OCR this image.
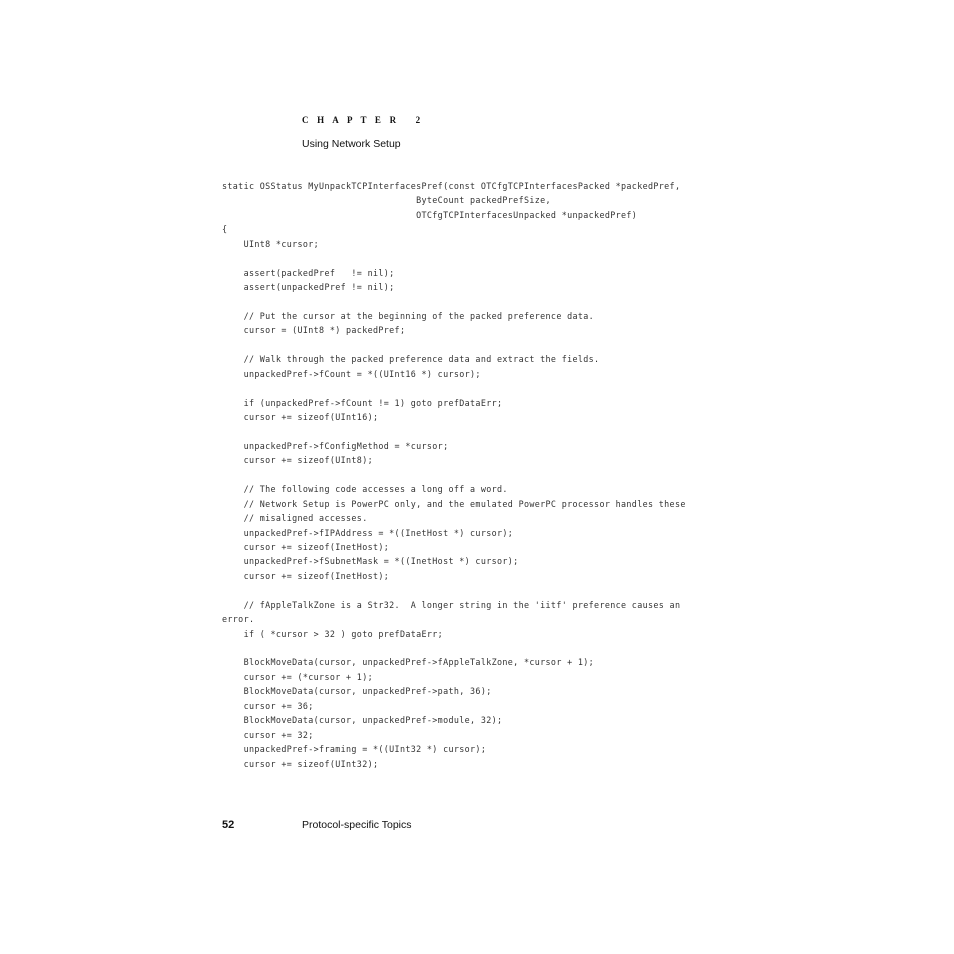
C H A P T E R   2
Using Network Setup
static OSStatus MyUnpackTCPInterfacesPref(const OTCfgTCPInterfacesPacked *packedPref,
ByteCount packedPrefSize,
OTCfgTCPInterfacesUnpacked *unpackedPref)
{
UInt8 *cursor;
assert(packedPref   != nil);
assert(unpackedPref != nil);
// Put the cursor at the beginning of the packed preference data.
cursor = (UInt8 *) packedPref;
// Walk through the packed preference data and extract the fields.
unpackedPref->fCount = *((UInt16 *) cursor);
if (unpackedPref->fCount != 1) goto prefDataErr;
cursor += sizeof(UInt16);
unpackedPref->fConfigMethod = *cursor;
cursor += sizeof(UInt8);
// The following code accesses a long off a word.
// Network Setup is PowerPC only, and the emulated PowerPC processor handles these
// misaligned accesses.
unpackedPref->fIPAddress = *((InetHost *) cursor);
cursor += sizeof(InetHost);
unpackedPref->fSubnetMask = *((InetHost *) cursor);
cursor += sizeof(InetHost);
// fAppleTalkZone is a Str32.  A longer string in the 'iitf' preference causes an
error.
if ( *cursor > 32 ) goto prefDataErr;
BlockMoveData(cursor, unpackedPref->fAppleTalkZone, *cursor + 1);
cursor += (*cursor + 1);
BlockMoveData(cursor, unpackedPref->path, 36);
cursor += 36;
BlockMoveData(cursor, unpackedPref->module, 32);
cursor += 32;
unpackedPref->framing = *((UInt32 *) cursor);
cursor += sizeof(UInt32);
52	Protocol-specific Topics
